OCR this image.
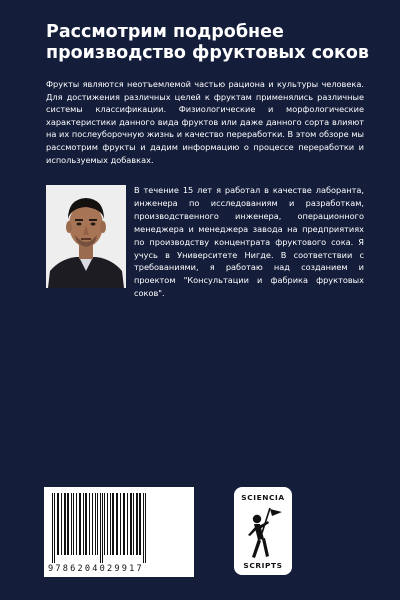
Рассмотрим подробнее
производство фруктовых соков

Фрукты являются неотъемлемой частью рациона и культуры человека. Для достижения различных целей к фруктам применялись различные системы классификации. Физиологические и морфологические характеристики данного вида фруктов или даже данного сорта влияют на их послеуборочную жизнь и качество переработки. В этом обзоре мы рассмотрим фрукты и дадим информацию о процессе переработки и используемых добавках.

В течение 15 лет я работал в качестве лаборанта, инженера по исследованиям и разработкам, производственного инженера, операционного менеджера и менеджера завода на предприятиях по производству концентрата фруктового сока. Я учусь в Университете Нигде. В соответствии с требованиями, я работаю над созданием и проектом "Консультации и фабрика фруктовых соков".

9786204029917
SCIENCIA
SCRIPTS
